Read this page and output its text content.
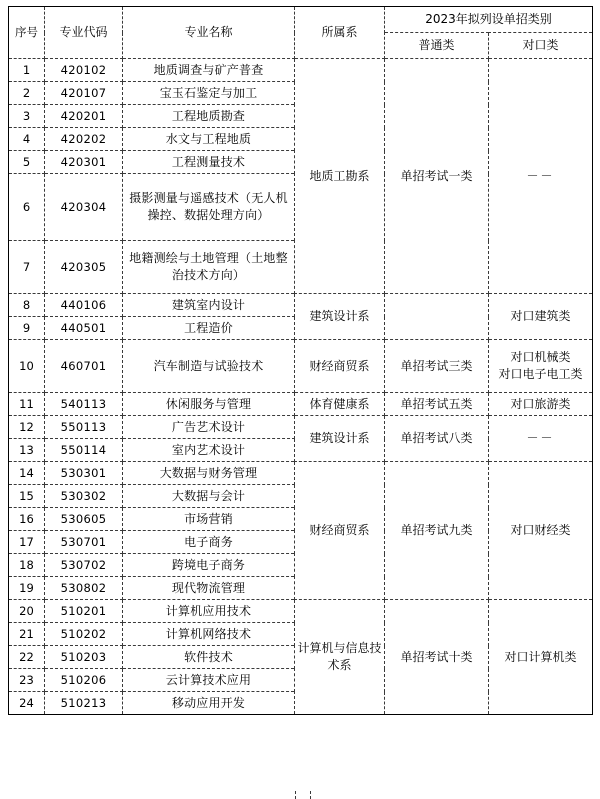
序号	专业代码	专业名称	所属系	2023年拟列设单招类别	
				普通类	对口类
1	420102	地质调查与矿产普查	地质工勘系	单招考试一类	－－
2	420107	宝玉石鉴定与加工			
3	420201	工程地质勘查			
4	420202	水文与工程地质			
5	420301	工程测量技术			
6	420304	摄影测量与遥感技术（无人机操控、数据处理方向）			
7	420305	地籍测绘与土地管理（土地整治技术方向）			
8	440106	建筑室内设计	建筑设计系		对口建筑类
9	440501	工程造价			
10	460701	汽车制造与试验技术	财经商贸系	单招考试三类	对口机械类
对口电子电工类

11	540113	休闲服务与管理	体育健康系	单招考试五类	对口旅游类
12	550113	广告艺术设计	建筑设计系	单招考试八类	－－
13	550114	室内艺术设计			
14	530301	大数据与财务管理	财经商贸系	单招考试九类	对口财经类
15	530302	大数据与会计			
16	530605	市场营销			
17	530701	电子商务			
18	530702	跨境电子商务			
19	530802	现代物流管理			
20	510201	计算机应用技术	计算机与信息技术系	单招考试十类	对口计算机类
21	510202	计算机网络技术			
22	510203	软件技术			
23	510206	云计算技术应用			
24	510213	移动应用开发			
